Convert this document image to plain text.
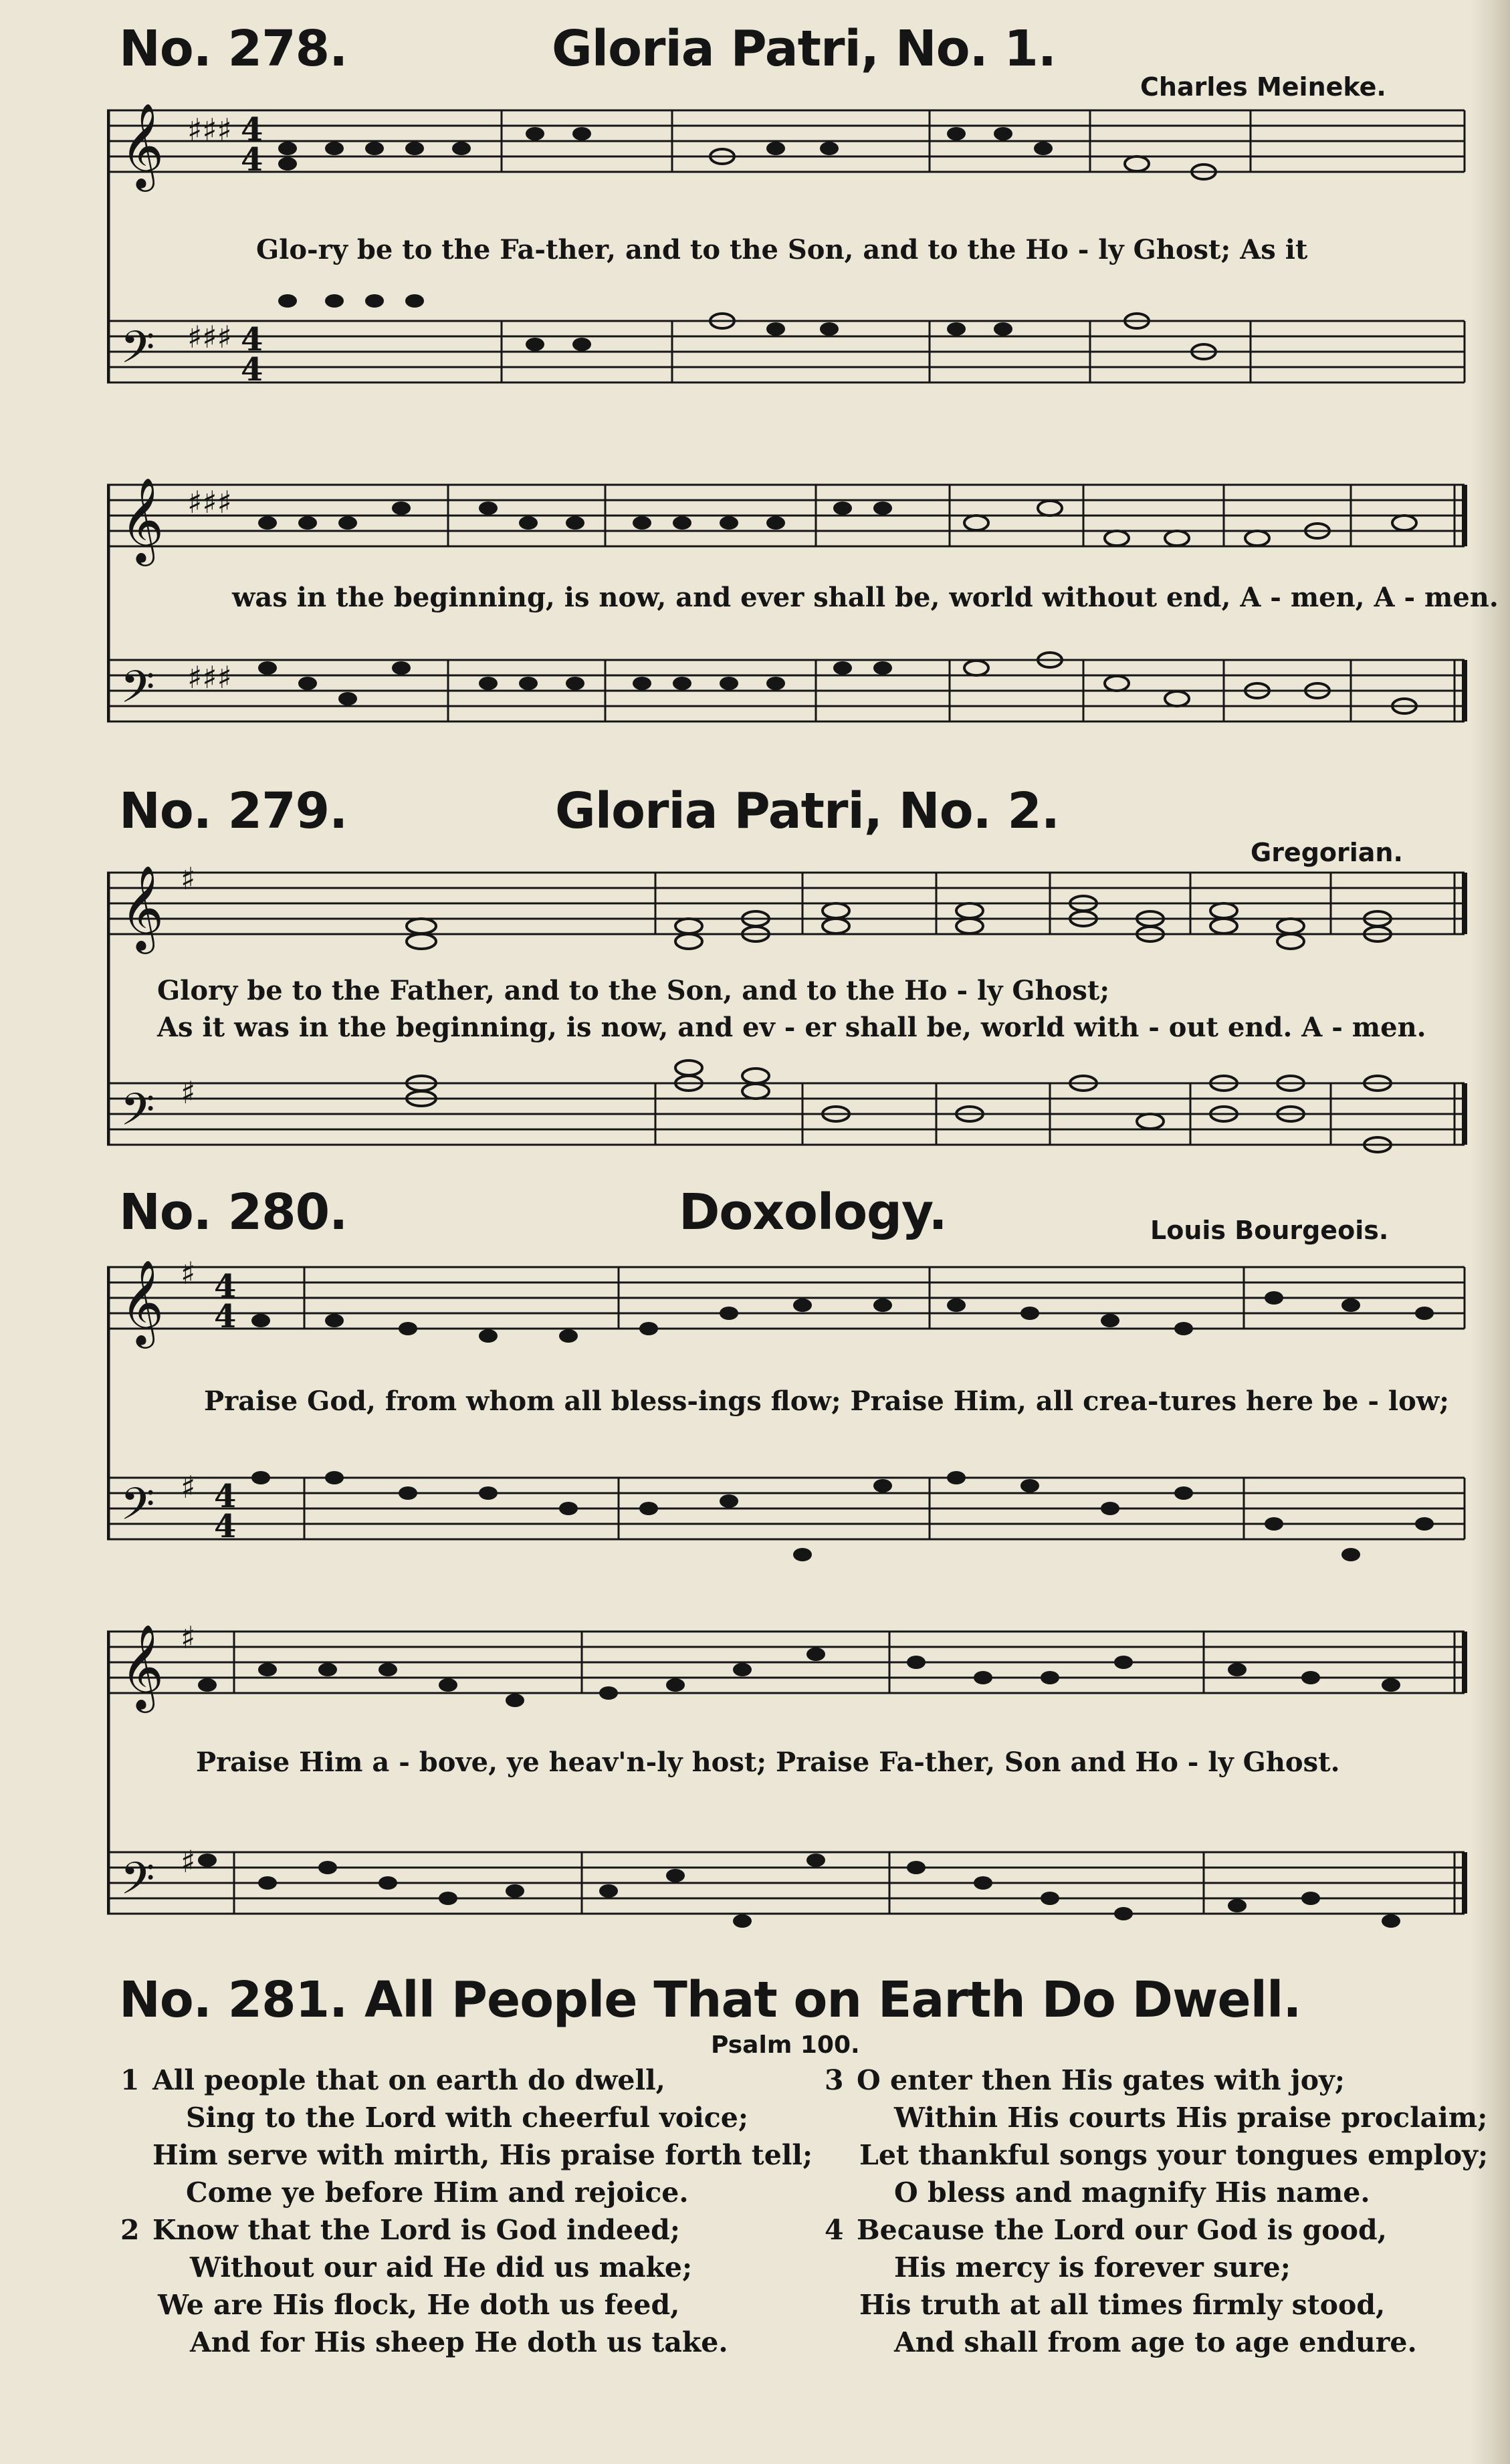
No. 278.	Gloria Patri, No. 1.
Charles Meineke.
𝄞
𝄢
♯♯♯
♯♯♯
4
4
4
4
Glo-ry be to the Fa-ther, and to the Son, and to the Ho - ly Ghost; As it
𝄞
𝄢
♯♯♯
♯♯♯
was in the beginning, is now, and ever shall be, world without end, A - men, A - men.
No. 279.	Gloria Patri, No. 2.
Gregorian.
𝄞
𝄢
♯
♯
Glory be to the Father, and to the Son, and to the Ho - ly Ghost;
As it was in the beginning, is now, and ev - er shall be, world with - out end. A - men.
No. 280.	Doxology.	Louis Bourgeois.
𝄞
𝄢
♯
♯
4
4
4
4
Praise God, from whom all bless-ings flow; Praise Him, all crea-tures here be - low;
𝄞
𝄢
♯
♯
Praise Him a - bove, ye heav'n-ly host; Praise Fa-ther, Son and Ho - ly Ghost.
No. 281. All People That on Earth Do Dwell.
Psalm 100.
1 All people that on earth do dwell,
Sing to the Lord with cheerful voice;
Him serve with mirth, His praise forth tell;
Come ye before Him and rejoice.
2 Know that the Lord is God indeed;
Without our aid He did us make;
We are His flock, He doth us feed,
And for His sheep He doth us take.
3 O enter then His gates with joy;
Within His courts His praise proclaim;
Let thankful songs your tongues employ;
O bless and magnify His name.
4 Because the Lord our God is good,
His mercy is forever sure;
His truth at all times firmly stood,
And shall from age to age endure.
